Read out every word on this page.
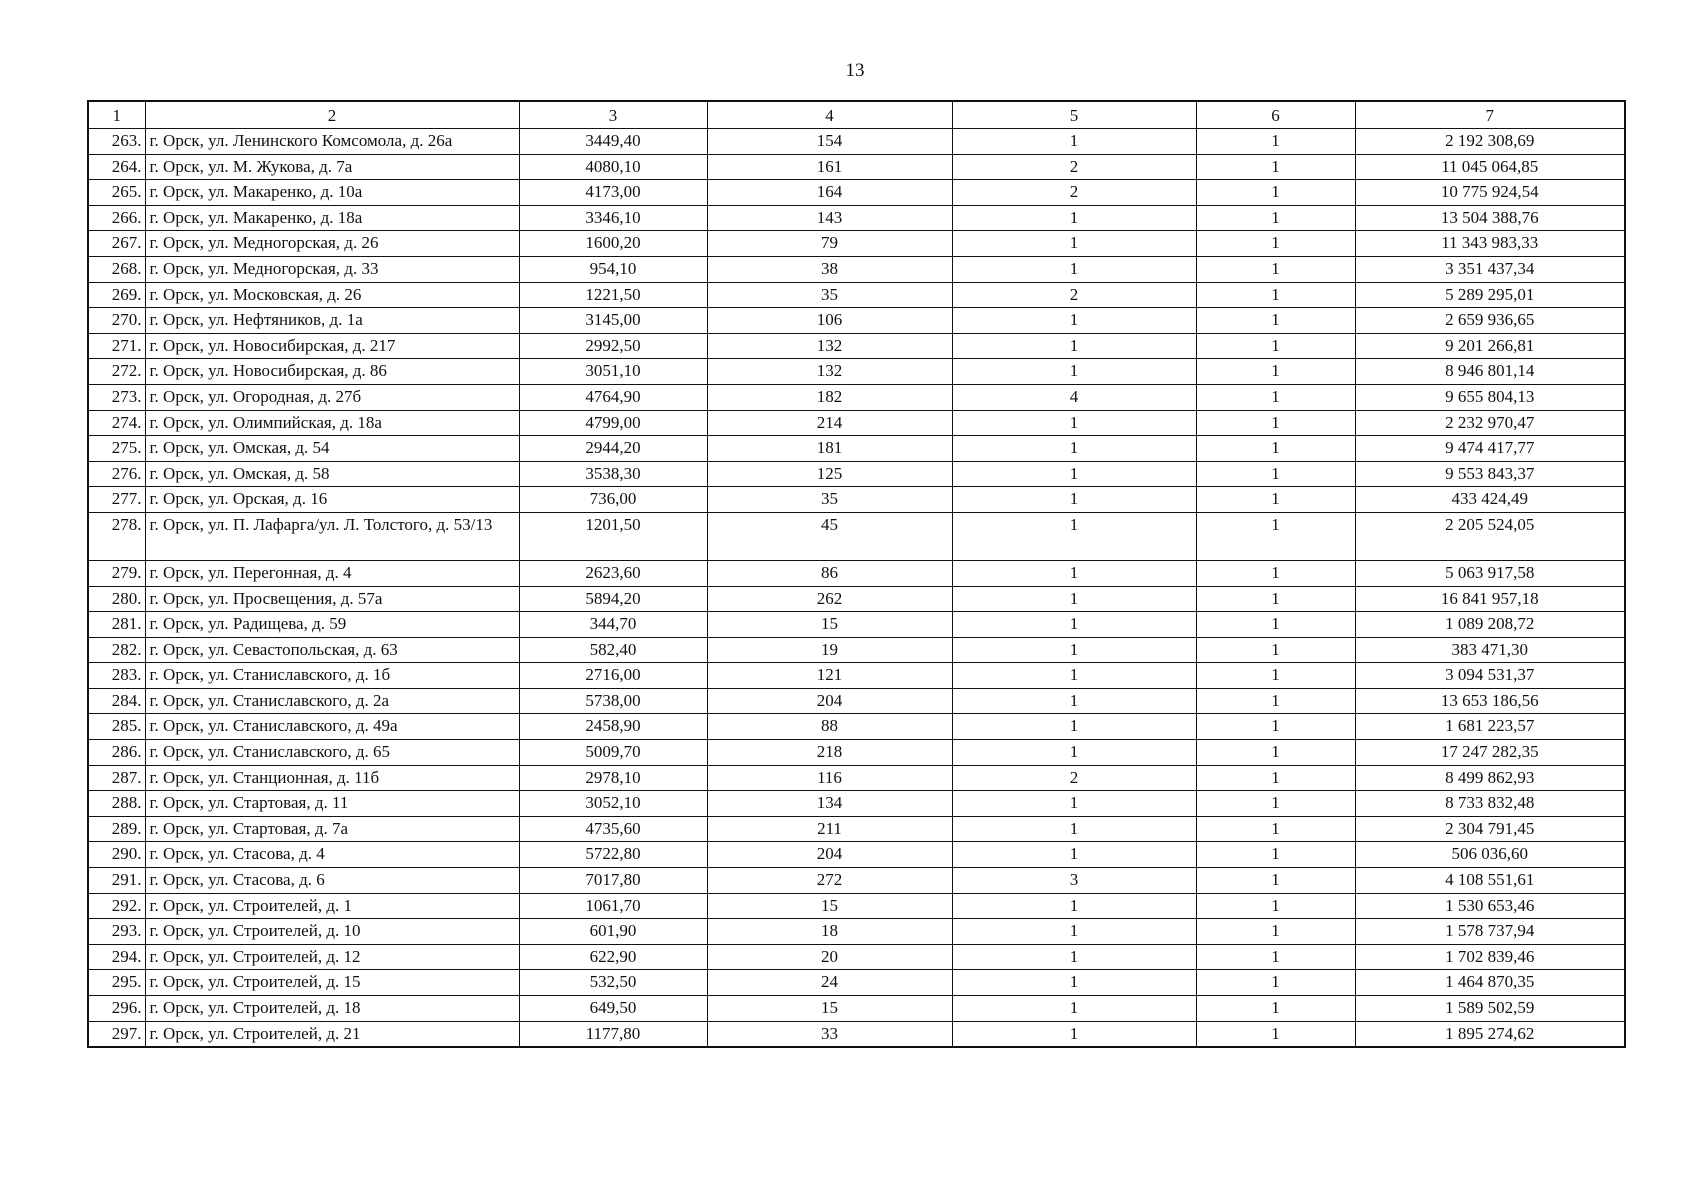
13
1	2	3	4	5	6	7
263.	г. Орск, ул. Ленинского Комсомола, д. 26а	3449,40	154	1	1	2 192 308,69
264.	г. Орск, ул. М. Жукова, д. 7а	4080,10	161	2	1	11 045 064,85
265.	г. Орск, ул. Макаренко, д. 10а	4173,00	164	2	1	10 775 924,54
266.	г. Орск, ул. Макаренко, д. 18а	3346,10	143	1	1	13 504 388,76
267.	г. Орск, ул. Медногорская, д. 26	1600,20	79	1	1	11 343 983,33
268.	г. Орск, ул. Медногорская, д. 33	954,10	38	1	1	3 351 437,34
269.	г. Орск, ул. Московская, д. 26	1221,50	35	2	1	5 289 295,01
270.	г. Орск, ул. Нефтяников, д. 1а	3145,00	106	1	1	2 659 936,65
271.	г. Орск, ул. Новосибирская, д. 217	2992,50	132	1	1	9 201 266,81
272.	г. Орск, ул. Новосибирская, д. 86	3051,10	132	1	1	8 946 801,14
273.	г. Орск, ул. Огородная, д. 27б	4764,90	182	4	1	9 655 804,13
274.	г. Орск, ул. Олимпийская, д. 18а	4799,00	214	1	1	2 232 970,47
275.	г. Орск, ул. Омская, д. 54	2944,20	181	1	1	9 474 417,77
276.	г. Орск, ул. Омская, д. 58	3538,30	125	1	1	9 553 843,37
277.	г. Орск, ул. Орская, д. 16	736,00	35	1	1	433 424,49
278.	г. Орск, ул. П. Лафарга/ул. Л. Толстого, д. 53/13	1201,50	45	1	1	2 205 524,05
279.	г. Орск, ул. Перегонная, д. 4	2623,60	86	1	1	5 063 917,58
280.	г. Орск, ул. Просвещения, д. 57а	5894,20	262	1	1	16 841 957,18
281.	г. Орск, ул. Радищева, д. 59	344,70	15	1	1	1 089 208,72
282.	г. Орск, ул. Севастопольская, д. 63	582,40	19	1	1	383 471,30
283.	г. Орск, ул. Станиславского, д. 1б	2716,00	121	1	1	3 094 531,37
284.	г. Орск, ул. Станиславского, д. 2а	5738,00	204	1	1	13 653 186,56
285.	г. Орск, ул. Станиславского, д. 49а	2458,90	88	1	1	1 681 223,57
286.	г. Орск, ул. Станиславского, д. 65	5009,70	218	1	1	17 247 282,35
287.	г. Орск, ул. Станционная, д. 11б	2978,10	116	2	1	8 499 862,93
288.	г. Орск, ул. Стартовая, д. 11	3052,10	134	1	1	8 733 832,48
289.	г. Орск, ул. Стартовая, д. 7а	4735,60	211	1	1	2 304 791,45
290.	г. Орск, ул. Стасова, д. 4	5722,80	204	1	1	506 036,60
291.	г. Орск, ул. Стасова, д. 6	7017,80	272	3	1	4 108 551,61
292.	г. Орск, ул. Строителей, д. 1	1061,70	15	1	1	1 530 653,46
293.	г. Орск, ул. Строителей, д. 10	601,90	18	1	1	1 578 737,94
294.	г. Орск, ул. Строителей, д. 12	622,90	20	1	1	1 702 839,46
295.	г. Орск, ул. Строителей, д. 15	532,50	24	1	1	1 464 870,35
296.	г. Орск, ул. Строителей, д. 18	649,50	15	1	1	1 589 502,59
297.	г. Орск, ул. Строителей, д. 21	1177,80	33	1	1	1 895 274,62
